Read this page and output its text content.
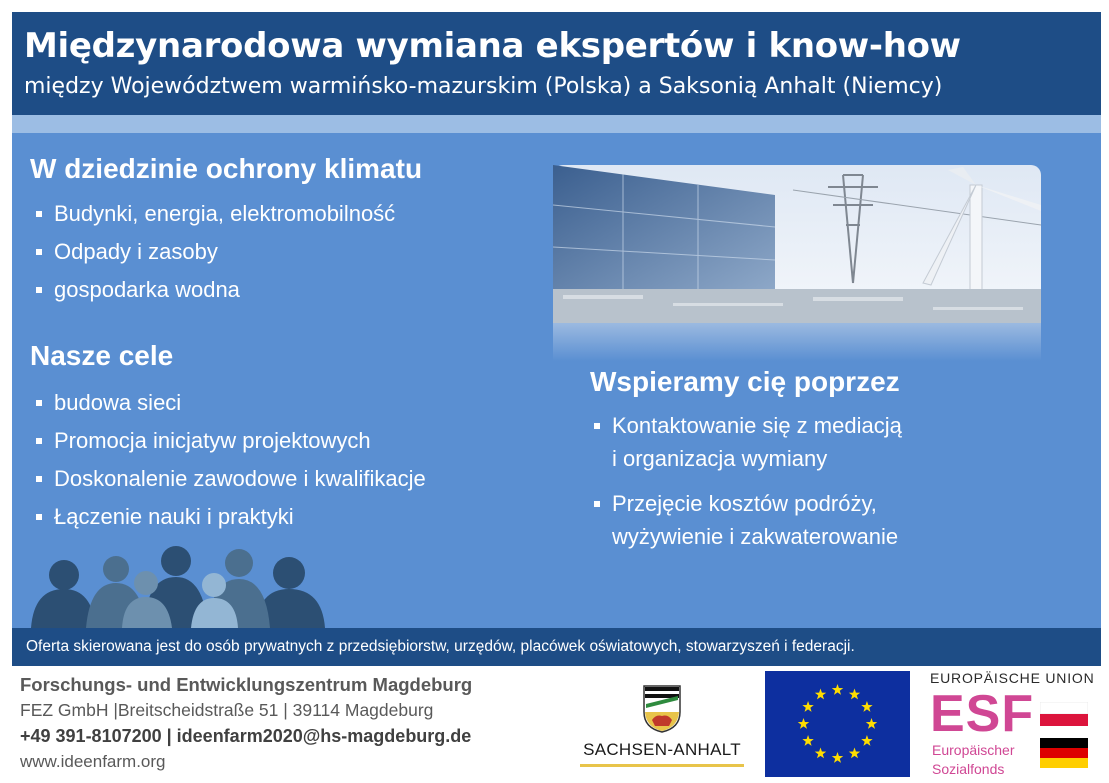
Międzynarodowa wymiana ekspertów i know-how
między Województwem warmińsko-mazurskim (Polska) a Saksonią Anhalt (Niemcy)
W dziedzinie ochrony klimatu
Budynki, energia, elektromobilność
Odpady i zasoby
gospodarka wodna
Nasze cele
budowa sieci
Promocja inicjatyw projektowych
Doskonalenie zawodowe i kwalifikacje
Łączenie nauki i praktyki
Wspieramy cię poprzez
Kontaktowanie się z mediacją
i organizacja wymiany
Przejęcie kosztów podróży,
wyżywienie i zakwaterowanie
Oferta skierowana jest do osób prywatnych z przedsiębiorstw, urzędów, placówek oświatowych, stowarzyszeń i federacji.
Forschungs- und Entwicklungszentrum Magdeburg
FEZ GmbH |Breitscheidstraße 51 | 39114 Magdeburg
+49 391-8107200 | ideenfarm2020@hs-magdeburg.de
www.ideenfarm.org
SACHSEN-ANHALT
EUROPÄISCHE UNION
ESF
Europäischer
Sozialfonds
